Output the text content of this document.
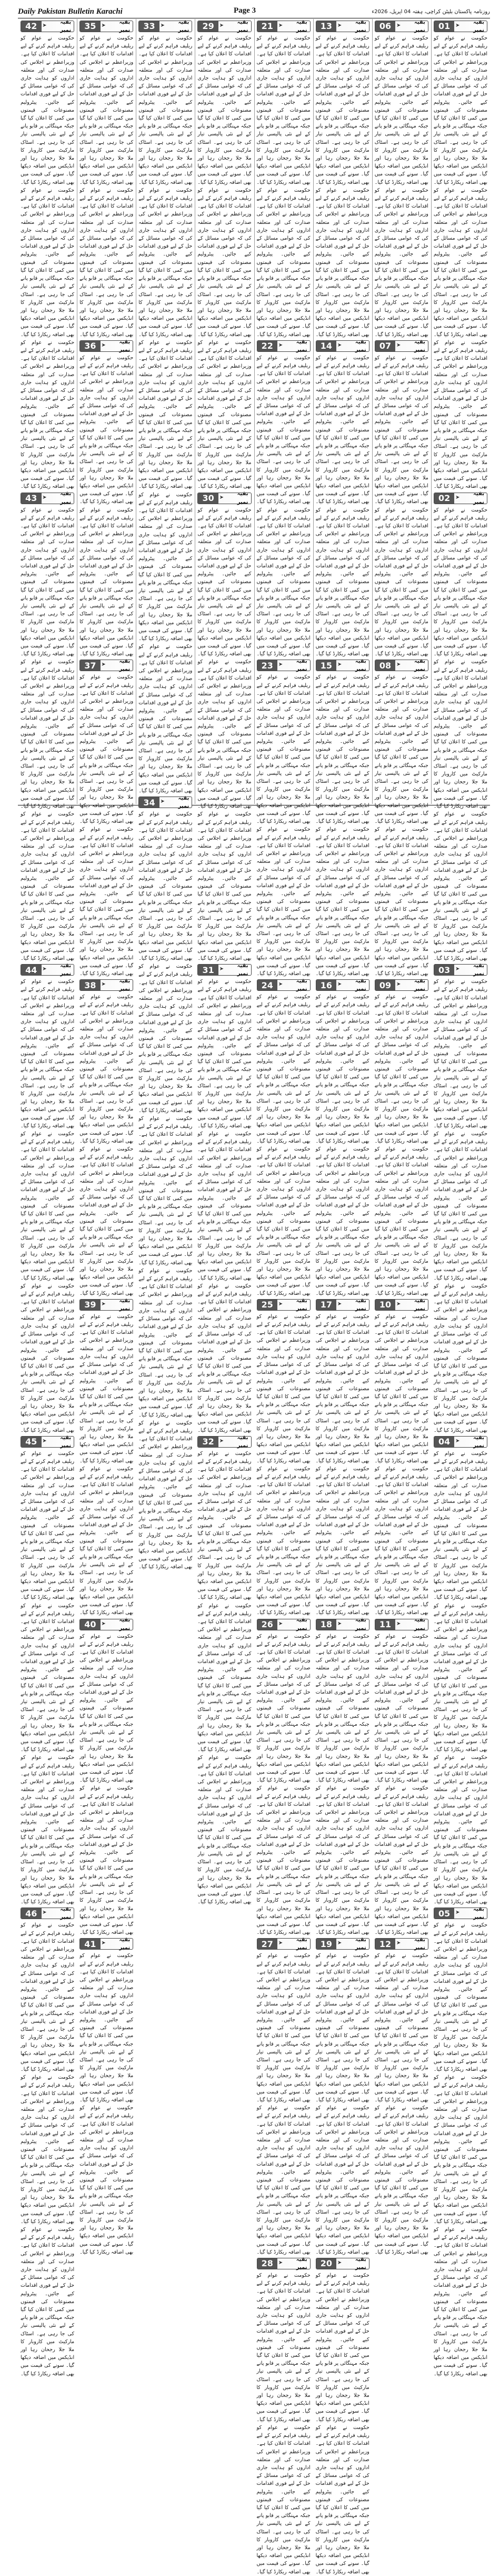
Daily Pakistan Bulletin Karachi	Page 3	روزنامہ پاکستان بلیٹن کراچی، ہفتہ 04 اپریل، 2026ء
01	بقیہ نمبر
حکومت نے عوام کو ریلیف فراہم کرنے کے لیے اقدامات کا اعلان کیا ہے۔ وزیراعظم نے اجلاس کی صدارت کی اور متعلقہ اداروں کو ہدایت جاری کی کہ عوامی مسائل کے حل کے لیے فوری اقدامات کیے جائیں۔ پیٹرولیم مصنوعات کی قیمتوں میں کمی کا اعلان کیا گیا جبکہ مہنگائی پر قابو پانے کے لیے نئی پالیسی تیار کی جا رہی ہے۔ اسٹاک مارکیٹ میں کاروبار کا ملا جلا رجحان رہا اور انڈیکس میں اضافہ دیکھا گیا۔ سونے کی قیمت میں بھی اضافہ ریکارڈ کیا گیا۔ حکومت نے عوام کو ریلیف فراہم کرنے کے لیے اقدامات کا اعلان کیا ہے۔ وزیراعظم نے اجلاس کی صدارت کی اور متعلقہ اداروں کو ہدایت جاری کی کہ عوامی مسائل کے حل کے لیے فوری اقدامات کیے جائیں۔ پیٹرولیم مصنوعات کی قیمتوں میں کمی کا اعلان کیا گیا جبکہ مہنگائی پر قابو پانے کے لیے نئی پالیسی تیار کی جا رہی ہے۔ اسٹاک مارکیٹ میں کاروبار کا ملا جلا رجحان رہا اور انڈیکس میں اضافہ دیکھا گیا۔ سونے کی قیمت میں بھی اضافہ ریکارڈ کیا گیا۔ حکومت نے عوام کو ریلیف فراہم کرنے کے لیے اقدامات کا اعلان کیا ہے۔ وزیراعظم نے اجلاس کی صدارت کی اور متعلقہ اداروں کو ہدایت جاری کی کہ عوامی مسائل کے حل کے لیے فوری اقدامات کیے جائیں۔ پیٹرولیم مصنوعات کی قیمتوں میں کمی کا اعلان کیا گیا جبکہ مہنگائی پر قابو پانے کے لیے نئی پالیسی تیار کی جا رہی ہے۔ اسٹاک مارکیٹ میں کاروبار کا ملا جلا رجحان رہا اور انڈیکس میں اضافہ دیکھا گیا۔ سونے کی قیمت میں بھی اضافہ ریکارڈ کیا گیا۔
02	بقیہ نمبر
حکومت نے عوام کو ریلیف فراہم کرنے کے لیے اقدامات کا اعلان کیا ہے۔ وزیراعظم نے اجلاس کی صدارت کی اور متعلقہ اداروں کو ہدایت جاری کی کہ عوامی مسائل کے حل کے لیے فوری اقدامات کیے جائیں۔ پیٹرولیم مصنوعات کی قیمتوں میں کمی کا اعلان کیا گیا جبکہ مہنگائی پر قابو پانے کے لیے نئی پالیسی تیار کی جا رہی ہے۔ اسٹاک مارکیٹ میں کاروبار کا ملا جلا رجحان رہا اور انڈیکس میں اضافہ دیکھا گیا۔ سونے کی قیمت میں بھی اضافہ ریکارڈ کیا گیا۔ حکومت نے عوام کو ریلیف فراہم کرنے کے لیے اقدامات کا اعلان کیا ہے۔ وزیراعظم نے اجلاس کی صدارت کی اور متعلقہ اداروں کو ہدایت جاری کی کہ عوامی مسائل کے حل کے لیے فوری اقدامات کیے جائیں۔ پیٹرولیم مصنوعات کی قیمتوں میں کمی کا اعلان کیا گیا جبکہ مہنگائی پر قابو پانے کے لیے نئی پالیسی تیار کی جا رہی ہے۔ اسٹاک مارکیٹ میں کاروبار کا ملا جلا رجحان رہا اور انڈیکس میں اضافہ دیکھا گیا۔ سونے کی قیمت میں بھی اضافہ ریکارڈ کیا گیا۔ حکومت نے عوام کو ریلیف فراہم کرنے کے لیے اقدامات کا اعلان کیا ہے۔ وزیراعظم نے اجلاس کی صدارت کی اور متعلقہ اداروں کو ہدایت جاری کی کہ عوامی مسائل کے حل کے لیے فوری اقدامات کیے جائیں۔ پیٹرولیم مصنوعات کی قیمتوں میں کمی کا اعلان کیا گیا جبکہ مہنگائی پر قابو پانے کے لیے نئی پالیسی تیار کی جا رہی ہے۔ اسٹاک مارکیٹ میں کاروبار کا ملا جلا رجحان رہا اور انڈیکس میں اضافہ دیکھا گیا۔ سونے کی قیمت میں بھی اضافہ ریکارڈ کیا گیا۔
03	بقیہ نمبر
حکومت نے عوام کو ریلیف فراہم کرنے کے لیے اقدامات کا اعلان کیا ہے۔ وزیراعظم نے اجلاس کی صدارت کی اور متعلقہ اداروں کو ہدایت جاری کی کہ عوامی مسائل کے حل کے لیے فوری اقدامات کیے جائیں۔ پیٹرولیم مصنوعات کی قیمتوں میں کمی کا اعلان کیا گیا جبکہ مہنگائی پر قابو پانے کے لیے نئی پالیسی تیار کی جا رہی ہے۔ اسٹاک مارکیٹ میں کاروبار کا ملا جلا رجحان رہا اور انڈیکس میں اضافہ دیکھا گیا۔ سونے کی قیمت میں بھی اضافہ ریکارڈ کیا گیا۔ حکومت نے عوام کو ریلیف فراہم کرنے کے لیے اقدامات کا اعلان کیا ہے۔ وزیراعظم نے اجلاس کی صدارت کی اور متعلقہ اداروں کو ہدایت جاری کی کہ عوامی مسائل کے حل کے لیے فوری اقدامات کیے جائیں۔ پیٹرولیم مصنوعات کی قیمتوں میں کمی کا اعلان کیا گیا جبکہ مہنگائی پر قابو پانے کے لیے نئی پالیسی تیار کی جا رہی ہے۔ اسٹاک مارکیٹ میں کاروبار کا ملا جلا رجحان رہا اور انڈیکس میں اضافہ دیکھا گیا۔ سونے کی قیمت میں بھی اضافہ ریکارڈ کیا گیا۔ حکومت نے عوام کو ریلیف فراہم کرنے کے لیے اقدامات کا اعلان کیا ہے۔ وزیراعظم نے اجلاس کی صدارت کی اور متعلقہ اداروں کو ہدایت جاری کی کہ عوامی مسائل کے حل کے لیے فوری اقدامات کیے جائیں۔ پیٹرولیم مصنوعات کی قیمتوں میں کمی کا اعلان کیا گیا جبکہ مہنگائی پر قابو پانے کے لیے نئی پالیسی تیار کی جا رہی ہے۔ اسٹاک مارکیٹ میں کاروبار کا ملا جلا رجحان رہا اور انڈیکس میں اضافہ دیکھا گیا۔ سونے کی قیمت میں بھی اضافہ ریکارڈ کیا گیا۔
04	بقیہ نمبر
حکومت نے عوام کو ریلیف فراہم کرنے کے لیے اقدامات کا اعلان کیا ہے۔ وزیراعظم نے اجلاس کی صدارت کی اور متعلقہ اداروں کو ہدایت جاری کی کہ عوامی مسائل کے حل کے لیے فوری اقدامات کیے جائیں۔ پیٹرولیم مصنوعات کی قیمتوں میں کمی کا اعلان کیا گیا جبکہ مہنگائی پر قابو پانے کے لیے نئی پالیسی تیار کی جا رہی ہے۔ اسٹاک مارکیٹ میں کاروبار کا ملا جلا رجحان رہا اور انڈیکس میں اضافہ دیکھا گیا۔ سونے کی قیمت میں بھی اضافہ ریکارڈ کیا گیا۔ حکومت نے عوام کو ریلیف فراہم کرنے کے لیے اقدامات کا اعلان کیا ہے۔ وزیراعظم نے اجلاس کی صدارت کی اور متعلقہ اداروں کو ہدایت جاری کی کہ عوامی مسائل کے حل کے لیے فوری اقدامات کیے جائیں۔ پیٹرولیم مصنوعات کی قیمتوں میں کمی کا اعلان کیا گیا جبکہ مہنگائی پر قابو پانے کے لیے نئی پالیسی تیار کی جا رہی ہے۔ اسٹاک مارکیٹ میں کاروبار کا ملا جلا رجحان رہا اور انڈیکس میں اضافہ دیکھا گیا۔ سونے کی قیمت میں بھی اضافہ ریکارڈ کیا گیا۔ حکومت نے عوام کو ریلیف فراہم کرنے کے لیے اقدامات کا اعلان کیا ہے۔ وزیراعظم نے اجلاس کی صدارت کی اور متعلقہ اداروں کو ہدایت جاری کی کہ عوامی مسائل کے حل کے لیے فوری اقدامات کیے جائیں۔ پیٹرولیم مصنوعات کی قیمتوں میں کمی کا اعلان کیا گیا جبکہ مہنگائی پر قابو پانے کے لیے نئی پالیسی تیار کی جا رہی ہے۔ اسٹاک مارکیٹ میں کاروبار کا ملا جلا رجحان رہا اور انڈیکس میں اضافہ دیکھا گیا۔ سونے کی قیمت میں بھی اضافہ ریکارڈ کیا گیا۔
05	بقیہ نمبر
حکومت نے عوام کو ریلیف فراہم کرنے کے لیے اقدامات کا اعلان کیا ہے۔ وزیراعظم نے اجلاس کی صدارت کی اور متعلقہ اداروں کو ہدایت جاری کی کہ عوامی مسائل کے حل کے لیے فوری اقدامات کیے جائیں۔ پیٹرولیم مصنوعات کی قیمتوں میں کمی کا اعلان کیا گیا جبکہ مہنگائی پر قابو پانے کے لیے نئی پالیسی تیار کی جا رہی ہے۔ اسٹاک مارکیٹ میں کاروبار کا ملا جلا رجحان رہا اور انڈیکس میں اضافہ دیکھا گیا۔ سونے کی قیمت میں بھی اضافہ ریکارڈ کیا گیا۔ حکومت نے عوام کو ریلیف فراہم کرنے کے لیے اقدامات کا اعلان کیا ہے۔ وزیراعظم نے اجلاس کی صدارت کی اور متعلقہ اداروں کو ہدایت جاری کی کہ عوامی مسائل کے حل کے لیے فوری اقدامات کیے جائیں۔ پیٹرولیم مصنوعات کی قیمتوں میں کمی کا اعلان کیا گیا جبکہ مہنگائی پر قابو پانے کے لیے نئی پالیسی تیار کی جا رہی ہے۔ اسٹاک مارکیٹ میں کاروبار کا ملا جلا رجحان رہا اور انڈیکس میں اضافہ دیکھا گیا۔ سونے کی قیمت میں بھی اضافہ ریکارڈ کیا گیا۔ حکومت نے عوام کو ریلیف فراہم کرنے کے لیے اقدامات کا اعلان کیا ہے۔ وزیراعظم نے اجلاس کی صدارت کی اور متعلقہ اداروں کو ہدایت جاری کی کہ عوامی مسائل کے حل کے لیے فوری اقدامات کیے جائیں۔ پیٹرولیم مصنوعات کی قیمتوں میں کمی کا اعلان کیا گیا جبکہ مہنگائی پر قابو پانے کے لیے نئی پالیسی تیار کی جا رہی ہے۔ اسٹاک مارکیٹ میں کاروبار کا ملا جلا رجحان رہا اور انڈیکس میں اضافہ دیکھا گیا۔ سونے کی قیمت میں بھی اضافہ ریکارڈ کیا گیا۔
06	بقیہ نمبر
حکومت نے عوام کو ریلیف فراہم کرنے کے لیے اقدامات کا اعلان کیا ہے۔ وزیراعظم نے اجلاس کی صدارت کی اور متعلقہ اداروں کو ہدایت جاری کی کہ عوامی مسائل کے حل کے لیے فوری اقدامات کیے جائیں۔ پیٹرولیم مصنوعات کی قیمتوں میں کمی کا اعلان کیا گیا جبکہ مہنگائی پر قابو پانے کے لیے نئی پالیسی تیار کی جا رہی ہے۔ اسٹاک مارکیٹ میں کاروبار کا ملا جلا رجحان رہا اور انڈیکس میں اضافہ دیکھا گیا۔ سونے کی قیمت میں بھی اضافہ ریکارڈ کیا گیا۔ حکومت نے عوام کو ریلیف فراہم کرنے کے لیے اقدامات کا اعلان کیا ہے۔ وزیراعظم نے اجلاس کی صدارت کی اور متعلقہ اداروں کو ہدایت جاری کی کہ عوامی مسائل کے حل کے لیے فوری اقدامات کیے جائیں۔ پیٹرولیم مصنوعات کی قیمتوں میں کمی کا اعلان کیا گیا جبکہ مہنگائی پر قابو پانے کے لیے نئی پالیسی تیار کی جا رہی ہے۔ اسٹاک مارکیٹ میں کاروبار کا ملا جلا رجحان رہا اور انڈیکس میں اضافہ دیکھا گیا۔ سونے کی قیمت میں بھی اضافہ ریکارڈ کیا گیا۔
07	بقیہ نمبر
حکومت نے عوام کو ریلیف فراہم کرنے کے لیے اقدامات کا اعلان کیا ہے۔ وزیراعظم نے اجلاس کی صدارت کی اور متعلقہ اداروں کو ہدایت جاری کی کہ عوامی مسائل کے حل کے لیے فوری اقدامات کیے جائیں۔ پیٹرولیم مصنوعات کی قیمتوں میں کمی کا اعلان کیا گیا جبکہ مہنگائی پر قابو پانے کے لیے نئی پالیسی تیار کی جا رہی ہے۔ اسٹاک مارکیٹ میں کاروبار کا ملا جلا رجحان رہا اور انڈیکس میں اضافہ دیکھا گیا۔ سونے کی قیمت میں بھی اضافہ ریکارڈ کیا گیا۔ حکومت نے عوام کو ریلیف فراہم کرنے کے لیے اقدامات کا اعلان کیا ہے۔ وزیراعظم نے اجلاس کی صدارت کی اور متعلقہ اداروں کو ہدایت جاری کی کہ عوامی مسائل کے حل کے لیے فوری اقدامات کیے جائیں۔ پیٹرولیم مصنوعات کی قیمتوں میں کمی کا اعلان کیا گیا جبکہ مہنگائی پر قابو پانے کے لیے نئی پالیسی تیار کی جا رہی ہے۔ اسٹاک مارکیٹ میں کاروبار کا ملا جلا رجحان رہا اور انڈیکس میں اضافہ دیکھا گیا۔ سونے کی قیمت میں بھی اضافہ ریکارڈ کیا گیا۔
08	بقیہ نمبر
حکومت نے عوام کو ریلیف فراہم کرنے کے لیے اقدامات کا اعلان کیا ہے۔ وزیراعظم نے اجلاس کی صدارت کی اور متعلقہ اداروں کو ہدایت جاری کی کہ عوامی مسائل کے حل کے لیے فوری اقدامات کیے جائیں۔ پیٹرولیم مصنوعات کی قیمتوں میں کمی کا اعلان کیا گیا جبکہ مہنگائی پر قابو پانے کے لیے نئی پالیسی تیار کی جا رہی ہے۔ اسٹاک مارکیٹ میں کاروبار کا ملا جلا رجحان رہا اور انڈیکس میں اضافہ دیکھا گیا۔ سونے کی قیمت میں بھی اضافہ ریکارڈ کیا گیا۔ حکومت نے عوام کو ریلیف فراہم کرنے کے لیے اقدامات کا اعلان کیا ہے۔ وزیراعظم نے اجلاس کی صدارت کی اور متعلقہ اداروں کو ہدایت جاری کی کہ عوامی مسائل کے حل کے لیے فوری اقدامات کیے جائیں۔ پیٹرولیم مصنوعات کی قیمتوں میں کمی کا اعلان کیا گیا جبکہ مہنگائی پر قابو پانے کے لیے نئی پالیسی تیار کی جا رہی ہے۔ اسٹاک مارکیٹ میں کاروبار کا ملا جلا رجحان رہا اور انڈیکس میں اضافہ دیکھا گیا۔ سونے کی قیمت میں بھی اضافہ ریکارڈ کیا گیا۔
09	بقیہ نمبر
حکومت نے عوام کو ریلیف فراہم کرنے کے لیے اقدامات کا اعلان کیا ہے۔ وزیراعظم نے اجلاس کی صدارت کی اور متعلقہ اداروں کو ہدایت جاری کی کہ عوامی مسائل کے حل کے لیے فوری اقدامات کیے جائیں۔ پیٹرولیم مصنوعات کی قیمتوں میں کمی کا اعلان کیا گیا جبکہ مہنگائی پر قابو پانے کے لیے نئی پالیسی تیار کی جا رہی ہے۔ اسٹاک مارکیٹ میں کاروبار کا ملا جلا رجحان رہا اور انڈیکس میں اضافہ دیکھا گیا۔ سونے کی قیمت میں بھی اضافہ ریکارڈ کیا گیا۔ حکومت نے عوام کو ریلیف فراہم کرنے کے لیے اقدامات کا اعلان کیا ہے۔ وزیراعظم نے اجلاس کی صدارت کی اور متعلقہ اداروں کو ہدایت جاری کی کہ عوامی مسائل کے حل کے لیے فوری اقدامات کیے جائیں۔ پیٹرولیم مصنوعات کی قیمتوں میں کمی کا اعلان کیا گیا جبکہ مہنگائی پر قابو پانے کے لیے نئی پالیسی تیار کی جا رہی ہے۔ اسٹاک مارکیٹ میں کاروبار کا ملا جلا رجحان رہا اور انڈیکس میں اضافہ دیکھا گیا۔ سونے کی قیمت میں بھی اضافہ ریکارڈ کیا گیا۔
10	بقیہ نمبر
حکومت نے عوام کو ریلیف فراہم کرنے کے لیے اقدامات کا اعلان کیا ہے۔ وزیراعظم نے اجلاس کی صدارت کی اور متعلقہ اداروں کو ہدایت جاری کی کہ عوامی مسائل کے حل کے لیے فوری اقدامات کیے جائیں۔ پیٹرولیم مصنوعات کی قیمتوں میں کمی کا اعلان کیا گیا جبکہ مہنگائی پر قابو پانے کے لیے نئی پالیسی تیار کی جا رہی ہے۔ اسٹاک مارکیٹ میں کاروبار کا ملا جلا رجحان رہا اور انڈیکس میں اضافہ دیکھا گیا۔ سونے کی قیمت میں بھی اضافہ ریکارڈ کیا گیا۔ حکومت نے عوام کو ریلیف فراہم کرنے کے لیے اقدامات کا اعلان کیا ہے۔ وزیراعظم نے اجلاس کی صدارت کی اور متعلقہ اداروں کو ہدایت جاری کی کہ عوامی مسائل کے حل کے لیے فوری اقدامات کیے جائیں۔ پیٹرولیم مصنوعات کی قیمتوں میں کمی کا اعلان کیا گیا جبکہ مہنگائی پر قابو پانے کے لیے نئی پالیسی تیار کی جا رہی ہے۔ اسٹاک مارکیٹ میں کاروبار کا ملا جلا رجحان رہا اور انڈیکس میں اضافہ دیکھا گیا۔ سونے کی قیمت میں بھی اضافہ ریکارڈ کیا گیا۔
11	بقیہ نمبر
حکومت نے عوام کو ریلیف فراہم کرنے کے لیے اقدامات کا اعلان کیا ہے۔ وزیراعظم نے اجلاس کی صدارت کی اور متعلقہ اداروں کو ہدایت جاری کی کہ عوامی مسائل کے حل کے لیے فوری اقدامات کیے جائیں۔ پیٹرولیم مصنوعات کی قیمتوں میں کمی کا اعلان کیا گیا جبکہ مہنگائی پر قابو پانے کے لیے نئی پالیسی تیار کی جا رہی ہے۔ اسٹاک مارکیٹ میں کاروبار کا ملا جلا رجحان رہا اور انڈیکس میں اضافہ دیکھا گیا۔ سونے کی قیمت میں بھی اضافہ ریکارڈ کیا گیا۔ حکومت نے عوام کو ریلیف فراہم کرنے کے لیے اقدامات کا اعلان کیا ہے۔ وزیراعظم نے اجلاس کی صدارت کی اور متعلقہ اداروں کو ہدایت جاری کی کہ عوامی مسائل کے حل کے لیے فوری اقدامات کیے جائیں۔ پیٹرولیم مصنوعات کی قیمتوں میں کمی کا اعلان کیا گیا جبکہ مہنگائی پر قابو پانے کے لیے نئی پالیسی تیار کی جا رہی ہے۔ اسٹاک مارکیٹ میں کاروبار کا ملا جلا رجحان رہا اور انڈیکس میں اضافہ دیکھا گیا۔ سونے کی قیمت میں بھی اضافہ ریکارڈ کیا گیا۔
12	بقیہ نمبر
حکومت نے عوام کو ریلیف فراہم کرنے کے لیے اقدامات کا اعلان کیا ہے۔ وزیراعظم نے اجلاس کی صدارت کی اور متعلقہ اداروں کو ہدایت جاری کی کہ عوامی مسائل کے حل کے لیے فوری اقدامات کیے جائیں۔ پیٹرولیم مصنوعات کی قیمتوں میں کمی کا اعلان کیا گیا جبکہ مہنگائی پر قابو پانے کے لیے نئی پالیسی تیار کی جا رہی ہے۔ اسٹاک مارکیٹ میں کاروبار کا ملا جلا رجحان رہا اور انڈیکس میں اضافہ دیکھا گیا۔ سونے کی قیمت میں بھی اضافہ ریکارڈ کیا گیا۔ حکومت نے عوام کو ریلیف فراہم کرنے کے لیے اقدامات کا اعلان کیا ہے۔ وزیراعظم نے اجلاس کی صدارت کی اور متعلقہ اداروں کو ہدایت جاری کی کہ عوامی مسائل کے حل کے لیے فوری اقدامات کیے جائیں۔ پیٹرولیم مصنوعات کی قیمتوں میں کمی کا اعلان کیا گیا جبکہ مہنگائی پر قابو پانے کے لیے نئی پالیسی تیار کی جا رہی ہے۔ اسٹاک مارکیٹ میں کاروبار کا ملا جلا رجحان رہا اور انڈیکس میں اضافہ دیکھا گیا۔ سونے کی قیمت میں بھی اضافہ ریکارڈ کیا گیا۔
13	بقیہ نمبر
حکومت نے عوام کو ریلیف فراہم کرنے کے لیے اقدامات کا اعلان کیا ہے۔ وزیراعظم نے اجلاس کی صدارت کی اور متعلقہ اداروں کو ہدایت جاری کی کہ عوامی مسائل کے حل کے لیے فوری اقدامات کیے جائیں۔ پیٹرولیم مصنوعات کی قیمتوں میں کمی کا اعلان کیا گیا جبکہ مہنگائی پر قابو پانے کے لیے نئی پالیسی تیار کی جا رہی ہے۔ اسٹاک مارکیٹ میں کاروبار کا ملا جلا رجحان رہا اور انڈیکس میں اضافہ دیکھا گیا۔ سونے کی قیمت میں بھی اضافہ ریکارڈ کیا گیا۔ حکومت نے عوام کو ریلیف فراہم کرنے کے لیے اقدامات کا اعلان کیا ہے۔ وزیراعظم نے اجلاس کی صدارت کی اور متعلقہ اداروں کو ہدایت جاری کی کہ عوامی مسائل کے حل کے لیے فوری اقدامات کیے جائیں۔ پیٹرولیم مصنوعات کی قیمتوں میں کمی کا اعلان کیا گیا جبکہ مہنگائی پر قابو پانے کے لیے نئی پالیسی تیار کی جا رہی ہے۔ اسٹاک مارکیٹ میں کاروبار کا ملا جلا رجحان رہا اور انڈیکس میں اضافہ دیکھا گیا۔ سونے کی قیمت میں بھی اضافہ ریکارڈ کیا گیا۔
14	بقیہ نمبر
حکومت نے عوام کو ریلیف فراہم کرنے کے لیے اقدامات کا اعلان کیا ہے۔ وزیراعظم نے اجلاس کی صدارت کی اور متعلقہ اداروں کو ہدایت جاری کی کہ عوامی مسائل کے حل کے لیے فوری اقدامات کیے جائیں۔ پیٹرولیم مصنوعات کی قیمتوں میں کمی کا اعلان کیا گیا جبکہ مہنگائی پر قابو پانے کے لیے نئی پالیسی تیار کی جا رہی ہے۔ اسٹاک مارکیٹ میں کاروبار کا ملا جلا رجحان رہا اور انڈیکس میں اضافہ دیکھا گیا۔ سونے کی قیمت میں بھی اضافہ ریکارڈ کیا گیا۔ حکومت نے عوام کو ریلیف فراہم کرنے کے لیے اقدامات کا اعلان کیا ہے۔ وزیراعظم نے اجلاس کی صدارت کی اور متعلقہ اداروں کو ہدایت جاری کی کہ عوامی مسائل کے حل کے لیے فوری اقدامات کیے جائیں۔ پیٹرولیم مصنوعات کی قیمتوں میں کمی کا اعلان کیا گیا جبکہ مہنگائی پر قابو پانے کے لیے نئی پالیسی تیار کی جا رہی ہے۔ اسٹاک مارکیٹ میں کاروبار کا ملا جلا رجحان رہا اور انڈیکس میں اضافہ دیکھا گیا۔ سونے کی قیمت میں بھی اضافہ ریکارڈ کیا گیا۔
15	بقیہ نمبر
حکومت نے عوام کو ریلیف فراہم کرنے کے لیے اقدامات کا اعلان کیا ہے۔ وزیراعظم نے اجلاس کی صدارت کی اور متعلقہ اداروں کو ہدایت جاری کی کہ عوامی مسائل کے حل کے لیے فوری اقدامات کیے جائیں۔ پیٹرولیم مصنوعات کی قیمتوں میں کمی کا اعلان کیا گیا جبکہ مہنگائی پر قابو پانے کے لیے نئی پالیسی تیار کی جا رہی ہے۔ اسٹاک مارکیٹ میں کاروبار کا ملا جلا رجحان رہا اور انڈیکس میں اضافہ دیکھا گیا۔ سونے کی قیمت میں بھی اضافہ ریکارڈ کیا گیا۔ حکومت نے عوام کو ریلیف فراہم کرنے کے لیے اقدامات کا اعلان کیا ہے۔ وزیراعظم نے اجلاس کی صدارت کی اور متعلقہ اداروں کو ہدایت جاری کی کہ عوامی مسائل کے حل کے لیے فوری اقدامات کیے جائیں۔ پیٹرولیم مصنوعات کی قیمتوں میں کمی کا اعلان کیا گیا جبکہ مہنگائی پر قابو پانے کے لیے نئی پالیسی تیار کی جا رہی ہے۔ اسٹاک مارکیٹ میں کاروبار کا ملا جلا رجحان رہا اور انڈیکس میں اضافہ دیکھا گیا۔ سونے کی قیمت میں بھی اضافہ ریکارڈ کیا گیا۔
16	بقیہ نمبر
حکومت نے عوام کو ریلیف فراہم کرنے کے لیے اقدامات کا اعلان کیا ہے۔ وزیراعظم نے اجلاس کی صدارت کی اور متعلقہ اداروں کو ہدایت جاری کی کہ عوامی مسائل کے حل کے لیے فوری اقدامات کیے جائیں۔ پیٹرولیم مصنوعات کی قیمتوں میں کمی کا اعلان کیا گیا جبکہ مہنگائی پر قابو پانے کے لیے نئی پالیسی تیار کی جا رہی ہے۔ اسٹاک مارکیٹ میں کاروبار کا ملا جلا رجحان رہا اور انڈیکس میں اضافہ دیکھا گیا۔ سونے کی قیمت میں بھی اضافہ ریکارڈ کیا گیا۔ حکومت نے عوام کو ریلیف فراہم کرنے کے لیے اقدامات کا اعلان کیا ہے۔ وزیراعظم نے اجلاس کی صدارت کی اور متعلقہ اداروں کو ہدایت جاری کی کہ عوامی مسائل کے حل کے لیے فوری اقدامات کیے جائیں۔ پیٹرولیم مصنوعات کی قیمتوں میں کمی کا اعلان کیا گیا جبکہ مہنگائی پر قابو پانے کے لیے نئی پالیسی تیار کی جا رہی ہے۔ اسٹاک مارکیٹ میں کاروبار کا ملا جلا رجحان رہا اور انڈیکس میں اضافہ دیکھا گیا۔ سونے کی قیمت میں بھی اضافہ ریکارڈ کیا گیا۔
17	بقیہ نمبر
حکومت نے عوام کو ریلیف فراہم کرنے کے لیے اقدامات کا اعلان کیا ہے۔ وزیراعظم نے اجلاس کی صدارت کی اور متعلقہ اداروں کو ہدایت جاری کی کہ عوامی مسائل کے حل کے لیے فوری اقدامات کیے جائیں۔ پیٹرولیم مصنوعات کی قیمتوں میں کمی کا اعلان کیا گیا جبکہ مہنگائی پر قابو پانے کے لیے نئی پالیسی تیار کی جا رہی ہے۔ اسٹاک مارکیٹ میں کاروبار کا ملا جلا رجحان رہا اور انڈیکس میں اضافہ دیکھا گیا۔ سونے کی قیمت میں بھی اضافہ ریکارڈ کیا گیا۔ حکومت نے عوام کو ریلیف فراہم کرنے کے لیے اقدامات کا اعلان کیا ہے۔ وزیراعظم نے اجلاس کی صدارت کی اور متعلقہ اداروں کو ہدایت جاری کی کہ عوامی مسائل کے حل کے لیے فوری اقدامات کیے جائیں۔ پیٹرولیم مصنوعات کی قیمتوں میں کمی کا اعلان کیا گیا جبکہ مہنگائی پر قابو پانے کے لیے نئی پالیسی تیار کی جا رہی ہے۔ اسٹاک مارکیٹ میں کاروبار کا ملا جلا رجحان رہا اور انڈیکس میں اضافہ دیکھا گیا۔ سونے کی قیمت میں بھی اضافہ ریکارڈ کیا گیا۔
18	بقیہ نمبر
حکومت نے عوام کو ریلیف فراہم کرنے کے لیے اقدامات کا اعلان کیا ہے۔ وزیراعظم نے اجلاس کی صدارت کی اور متعلقہ اداروں کو ہدایت جاری کی کہ عوامی مسائل کے حل کے لیے فوری اقدامات کیے جائیں۔ پیٹرولیم مصنوعات کی قیمتوں میں کمی کا اعلان کیا گیا جبکہ مہنگائی پر قابو پانے کے لیے نئی پالیسی تیار کی جا رہی ہے۔ اسٹاک مارکیٹ میں کاروبار کا ملا جلا رجحان رہا اور انڈیکس میں اضافہ دیکھا گیا۔ سونے کی قیمت میں بھی اضافہ ریکارڈ کیا گیا۔ حکومت نے عوام کو ریلیف فراہم کرنے کے لیے اقدامات کا اعلان کیا ہے۔ وزیراعظم نے اجلاس کی صدارت کی اور متعلقہ اداروں کو ہدایت جاری کی کہ عوامی مسائل کے حل کے لیے فوری اقدامات کیے جائیں۔ پیٹرولیم مصنوعات کی قیمتوں میں کمی کا اعلان کیا گیا جبکہ مہنگائی پر قابو پانے کے لیے نئی پالیسی تیار کی جا رہی ہے۔ اسٹاک مارکیٹ میں کاروبار کا ملا جلا رجحان رہا اور انڈیکس میں اضافہ دیکھا گیا۔ سونے کی قیمت میں بھی اضافہ ریکارڈ کیا گیا۔
19	بقیہ نمبر
حکومت نے عوام کو ریلیف فراہم کرنے کے لیے اقدامات کا اعلان کیا ہے۔ وزیراعظم نے اجلاس کی صدارت کی اور متعلقہ اداروں کو ہدایت جاری کی کہ عوامی مسائل کے حل کے لیے فوری اقدامات کیے جائیں۔ پیٹرولیم مصنوعات کی قیمتوں میں کمی کا اعلان کیا گیا جبکہ مہنگائی پر قابو پانے کے لیے نئی پالیسی تیار کی جا رہی ہے۔ اسٹاک مارکیٹ میں کاروبار کا ملا جلا رجحان رہا اور انڈیکس میں اضافہ دیکھا گیا۔ سونے کی قیمت میں بھی اضافہ ریکارڈ کیا گیا۔ حکومت نے عوام کو ریلیف فراہم کرنے کے لیے اقدامات کا اعلان کیا ہے۔ وزیراعظم نے اجلاس کی صدارت کی اور متعلقہ اداروں کو ہدایت جاری کی کہ عوامی مسائل کے حل کے لیے فوری اقدامات کیے جائیں۔ پیٹرولیم مصنوعات کی قیمتوں میں کمی کا اعلان کیا گیا جبکہ مہنگائی پر قابو پانے کے لیے نئی پالیسی تیار کی جا رہی ہے۔ اسٹاک مارکیٹ میں کاروبار کا ملا جلا رجحان رہا اور انڈیکس میں اضافہ دیکھا گیا۔ سونے کی قیمت میں بھی اضافہ ریکارڈ کیا گیا۔
20	بقیہ نمبر
حکومت نے عوام کو ریلیف فراہم کرنے کے لیے اقدامات کا اعلان کیا ہے۔ وزیراعظم نے اجلاس کی صدارت کی اور متعلقہ اداروں کو ہدایت جاری کی کہ عوامی مسائل کے حل کے لیے فوری اقدامات کیے جائیں۔ پیٹرولیم مصنوعات کی قیمتوں میں کمی کا اعلان کیا گیا جبکہ مہنگائی پر قابو پانے کے لیے نئی پالیسی تیار کی جا رہی ہے۔ اسٹاک مارکیٹ میں کاروبار کا ملا جلا رجحان رہا اور انڈیکس میں اضافہ دیکھا گیا۔ سونے کی قیمت میں بھی اضافہ ریکارڈ کیا گیا۔ حکومت نے عوام کو ریلیف فراہم کرنے کے لیے اقدامات کا اعلان کیا ہے۔ وزیراعظم نے اجلاس کی صدارت کی اور متعلقہ اداروں کو ہدایت جاری کی کہ عوامی مسائل کے حل کے لیے فوری اقدامات کیے جائیں۔ پیٹرولیم مصنوعات کی قیمتوں میں کمی کا اعلان کیا گیا جبکہ مہنگائی پر قابو پانے کے لیے نئی پالیسی تیار کی جا رہی ہے۔ اسٹاک مارکیٹ میں کاروبار کا ملا جلا رجحان رہا اور انڈیکس میں اضافہ دیکھا گیا۔ سونے کی قیمت میں بھی اضافہ ریکارڈ کیا گیا۔
21	بقیہ نمبر
حکومت نے عوام کو ریلیف فراہم کرنے کے لیے اقدامات کا اعلان کیا ہے۔ وزیراعظم نے اجلاس کی صدارت کی اور متعلقہ اداروں کو ہدایت جاری کی کہ عوامی مسائل کے حل کے لیے فوری اقدامات کیے جائیں۔ پیٹرولیم مصنوعات کی قیمتوں میں کمی کا اعلان کیا گیا جبکہ مہنگائی پر قابو پانے کے لیے نئی پالیسی تیار کی جا رہی ہے۔ اسٹاک مارکیٹ میں کاروبار کا ملا جلا رجحان رہا اور انڈیکس میں اضافہ دیکھا گیا۔ سونے کی قیمت میں بھی اضافہ ریکارڈ کیا گیا۔ حکومت نے عوام کو ریلیف فراہم کرنے کے لیے اقدامات کا اعلان کیا ہے۔ وزیراعظم نے اجلاس کی صدارت کی اور متعلقہ اداروں کو ہدایت جاری کی کہ عوامی مسائل کے حل کے لیے فوری اقدامات کیے جائیں۔ پیٹرولیم مصنوعات کی قیمتوں میں کمی کا اعلان کیا گیا جبکہ مہنگائی پر قابو پانے کے لیے نئی پالیسی تیار کی جا رہی ہے۔ اسٹاک مارکیٹ میں کاروبار کا ملا جلا رجحان رہا اور انڈیکس میں اضافہ دیکھا گیا۔ سونے کی قیمت میں بھی اضافہ ریکارڈ کیا گیا۔
22	بقیہ نمبر
حکومت نے عوام کو ریلیف فراہم کرنے کے لیے اقدامات کا اعلان کیا ہے۔ وزیراعظم نے اجلاس کی صدارت کی اور متعلقہ اداروں کو ہدایت جاری کی کہ عوامی مسائل کے حل کے لیے فوری اقدامات کیے جائیں۔ پیٹرولیم مصنوعات کی قیمتوں میں کمی کا اعلان کیا گیا جبکہ مہنگائی پر قابو پانے کے لیے نئی پالیسی تیار کی جا رہی ہے۔ اسٹاک مارکیٹ میں کاروبار کا ملا جلا رجحان رہا اور انڈیکس میں اضافہ دیکھا گیا۔ سونے کی قیمت میں بھی اضافہ ریکارڈ کیا گیا۔ حکومت نے عوام کو ریلیف فراہم کرنے کے لیے اقدامات کا اعلان کیا ہے۔ وزیراعظم نے اجلاس کی صدارت کی اور متعلقہ اداروں کو ہدایت جاری کی کہ عوامی مسائل کے حل کے لیے فوری اقدامات کیے جائیں۔ پیٹرولیم مصنوعات کی قیمتوں میں کمی کا اعلان کیا گیا جبکہ مہنگائی پر قابو پانے کے لیے نئی پالیسی تیار کی جا رہی ہے۔ اسٹاک مارکیٹ میں کاروبار کا ملا جلا رجحان رہا اور انڈیکس میں اضافہ دیکھا گیا۔ سونے کی قیمت میں بھی اضافہ ریکارڈ کیا گیا۔
23	بقیہ نمبر
حکومت نے عوام کو ریلیف فراہم کرنے کے لیے اقدامات کا اعلان کیا ہے۔ وزیراعظم نے اجلاس کی صدارت کی اور متعلقہ اداروں کو ہدایت جاری کی کہ عوامی مسائل کے حل کے لیے فوری اقدامات کیے جائیں۔ پیٹرولیم مصنوعات کی قیمتوں میں کمی کا اعلان کیا گیا جبکہ مہنگائی پر قابو پانے کے لیے نئی پالیسی تیار کی جا رہی ہے۔ اسٹاک مارکیٹ میں کاروبار کا ملا جلا رجحان رہا اور انڈیکس میں اضافہ دیکھا گیا۔ سونے کی قیمت میں بھی اضافہ ریکارڈ کیا گیا۔ حکومت نے عوام کو ریلیف فراہم کرنے کے لیے اقدامات کا اعلان کیا ہے۔ وزیراعظم نے اجلاس کی صدارت کی اور متعلقہ اداروں کو ہدایت جاری کی کہ عوامی مسائل کے حل کے لیے فوری اقدامات کیے جائیں۔ پیٹرولیم مصنوعات کی قیمتوں میں کمی کا اعلان کیا گیا جبکہ مہنگائی پر قابو پانے کے لیے نئی پالیسی تیار کی جا رہی ہے۔ اسٹاک مارکیٹ میں کاروبار کا ملا جلا رجحان رہا اور انڈیکس میں اضافہ دیکھا گیا۔ سونے کی قیمت میں بھی اضافہ ریکارڈ کیا گیا۔
24	بقیہ نمبر
حکومت نے عوام کو ریلیف فراہم کرنے کے لیے اقدامات کا اعلان کیا ہے۔ وزیراعظم نے اجلاس کی صدارت کی اور متعلقہ اداروں کو ہدایت جاری کی کہ عوامی مسائل کے حل کے لیے فوری اقدامات کیے جائیں۔ پیٹرولیم مصنوعات کی قیمتوں میں کمی کا اعلان کیا گیا جبکہ مہنگائی پر قابو پانے کے لیے نئی پالیسی تیار کی جا رہی ہے۔ اسٹاک مارکیٹ میں کاروبار کا ملا جلا رجحان رہا اور انڈیکس میں اضافہ دیکھا گیا۔ سونے کی قیمت میں بھی اضافہ ریکارڈ کیا گیا۔ حکومت نے عوام کو ریلیف فراہم کرنے کے لیے اقدامات کا اعلان کیا ہے۔ وزیراعظم نے اجلاس کی صدارت کی اور متعلقہ اداروں کو ہدایت جاری کی کہ عوامی مسائل کے حل کے لیے فوری اقدامات کیے جائیں۔ پیٹرولیم مصنوعات کی قیمتوں میں کمی کا اعلان کیا گیا جبکہ مہنگائی پر قابو پانے کے لیے نئی پالیسی تیار کی جا رہی ہے۔ اسٹاک مارکیٹ میں کاروبار کا ملا جلا رجحان رہا اور انڈیکس میں اضافہ دیکھا گیا۔ سونے کی قیمت میں بھی اضافہ ریکارڈ کیا گیا۔
25	بقیہ نمبر
حکومت نے عوام کو ریلیف فراہم کرنے کے لیے اقدامات کا اعلان کیا ہے۔ وزیراعظم نے اجلاس کی صدارت کی اور متعلقہ اداروں کو ہدایت جاری کی کہ عوامی مسائل کے حل کے لیے فوری اقدامات کیے جائیں۔ پیٹرولیم مصنوعات کی قیمتوں میں کمی کا اعلان کیا گیا جبکہ مہنگائی پر قابو پانے کے لیے نئی پالیسی تیار کی جا رہی ہے۔ اسٹاک مارکیٹ میں کاروبار کا ملا جلا رجحان رہا اور انڈیکس میں اضافہ دیکھا گیا۔ سونے کی قیمت میں بھی اضافہ ریکارڈ کیا گیا۔ حکومت نے عوام کو ریلیف فراہم کرنے کے لیے اقدامات کا اعلان کیا ہے۔ وزیراعظم نے اجلاس کی صدارت کی اور متعلقہ اداروں کو ہدایت جاری کی کہ عوامی مسائل کے حل کے لیے فوری اقدامات کیے جائیں۔ پیٹرولیم مصنوعات کی قیمتوں میں کمی کا اعلان کیا گیا جبکہ مہنگائی پر قابو پانے کے لیے نئی پالیسی تیار کی جا رہی ہے۔ اسٹاک مارکیٹ میں کاروبار کا ملا جلا رجحان رہا اور انڈیکس میں اضافہ دیکھا گیا۔ سونے کی قیمت میں بھی اضافہ ریکارڈ کیا گیا۔
26	بقیہ نمبر
حکومت نے عوام کو ریلیف فراہم کرنے کے لیے اقدامات کا اعلان کیا ہے۔ وزیراعظم نے اجلاس کی صدارت کی اور متعلقہ اداروں کو ہدایت جاری کی کہ عوامی مسائل کے حل کے لیے فوری اقدامات کیے جائیں۔ پیٹرولیم مصنوعات کی قیمتوں میں کمی کا اعلان کیا گیا جبکہ مہنگائی پر قابو پانے کے لیے نئی پالیسی تیار کی جا رہی ہے۔ اسٹاک مارکیٹ میں کاروبار کا ملا جلا رجحان رہا اور انڈیکس میں اضافہ دیکھا گیا۔ سونے کی قیمت میں بھی اضافہ ریکارڈ کیا گیا۔ حکومت نے عوام کو ریلیف فراہم کرنے کے لیے اقدامات کا اعلان کیا ہے۔ وزیراعظم نے اجلاس کی صدارت کی اور متعلقہ اداروں کو ہدایت جاری کی کہ عوامی مسائل کے حل کے لیے فوری اقدامات کیے جائیں۔ پیٹرولیم مصنوعات کی قیمتوں میں کمی کا اعلان کیا گیا جبکہ مہنگائی پر قابو پانے کے لیے نئی پالیسی تیار کی جا رہی ہے۔ اسٹاک مارکیٹ میں کاروبار کا ملا جلا رجحان رہا اور انڈیکس میں اضافہ دیکھا گیا۔ سونے کی قیمت میں بھی اضافہ ریکارڈ کیا گیا۔
27	بقیہ نمبر
حکومت نے عوام کو ریلیف فراہم کرنے کے لیے اقدامات کا اعلان کیا ہے۔ وزیراعظم نے اجلاس کی صدارت کی اور متعلقہ اداروں کو ہدایت جاری کی کہ عوامی مسائل کے حل کے لیے فوری اقدامات کیے جائیں۔ پیٹرولیم مصنوعات کی قیمتوں میں کمی کا اعلان کیا گیا جبکہ مہنگائی پر قابو پانے کے لیے نئی پالیسی تیار کی جا رہی ہے۔ اسٹاک مارکیٹ میں کاروبار کا ملا جلا رجحان رہا اور انڈیکس میں اضافہ دیکھا گیا۔ سونے کی قیمت میں بھی اضافہ ریکارڈ کیا گیا۔ حکومت نے عوام کو ریلیف فراہم کرنے کے لیے اقدامات کا اعلان کیا ہے۔ وزیراعظم نے اجلاس کی صدارت کی اور متعلقہ اداروں کو ہدایت جاری کی کہ عوامی مسائل کے حل کے لیے فوری اقدامات کیے جائیں۔ پیٹرولیم مصنوعات کی قیمتوں میں کمی کا اعلان کیا گیا جبکہ مہنگائی پر قابو پانے کے لیے نئی پالیسی تیار کی جا رہی ہے۔ اسٹاک مارکیٹ میں کاروبار کا ملا جلا رجحان رہا اور انڈیکس میں اضافہ دیکھا گیا۔ سونے کی قیمت میں بھی اضافہ ریکارڈ کیا گیا۔
28	بقیہ نمبر
حکومت نے عوام کو ریلیف فراہم کرنے کے لیے اقدامات کا اعلان کیا ہے۔ وزیراعظم نے اجلاس کی صدارت کی اور متعلقہ اداروں کو ہدایت جاری کی کہ عوامی مسائل کے حل کے لیے فوری اقدامات کیے جائیں۔ پیٹرولیم مصنوعات کی قیمتوں میں کمی کا اعلان کیا گیا جبکہ مہنگائی پر قابو پانے کے لیے نئی پالیسی تیار کی جا رہی ہے۔ اسٹاک مارکیٹ میں کاروبار کا ملا جلا رجحان رہا اور انڈیکس میں اضافہ دیکھا گیا۔ سونے کی قیمت میں بھی اضافہ ریکارڈ کیا گیا۔ حکومت نے عوام کو ریلیف فراہم کرنے کے لیے اقدامات کا اعلان کیا ہے۔ وزیراعظم نے اجلاس کی صدارت کی اور متعلقہ اداروں کو ہدایت جاری کی کہ عوامی مسائل کے حل کے لیے فوری اقدامات کیے جائیں۔ پیٹرولیم مصنوعات کی قیمتوں میں کمی کا اعلان کیا گیا جبکہ مہنگائی پر قابو پانے کے لیے نئی پالیسی تیار کی جا رہی ہے۔ اسٹاک مارکیٹ میں کاروبار کا ملا جلا رجحان رہا اور انڈیکس میں اضافہ دیکھا گیا۔ سونے کی قیمت میں بھی اضافہ ریکارڈ کیا گیا۔
29	بقیہ نمبر
حکومت نے عوام کو ریلیف فراہم کرنے کے لیے اقدامات کا اعلان کیا ہے۔ وزیراعظم نے اجلاس کی صدارت کی اور متعلقہ اداروں کو ہدایت جاری کی کہ عوامی مسائل کے حل کے لیے فوری اقدامات کیے جائیں۔ پیٹرولیم مصنوعات کی قیمتوں میں کمی کا اعلان کیا گیا جبکہ مہنگائی پر قابو پانے کے لیے نئی پالیسی تیار کی جا رہی ہے۔ اسٹاک مارکیٹ میں کاروبار کا ملا جلا رجحان رہا اور انڈیکس میں اضافہ دیکھا گیا۔ سونے کی قیمت میں بھی اضافہ ریکارڈ کیا گیا۔ حکومت نے عوام کو ریلیف فراہم کرنے کے لیے اقدامات کا اعلان کیا ہے۔ وزیراعظم نے اجلاس کی صدارت کی اور متعلقہ اداروں کو ہدایت جاری کی کہ عوامی مسائل کے حل کے لیے فوری اقدامات کیے جائیں۔ پیٹرولیم مصنوعات کی قیمتوں میں کمی کا اعلان کیا گیا جبکہ مہنگائی پر قابو پانے کے لیے نئی پالیسی تیار کی جا رہی ہے۔ اسٹاک مارکیٹ میں کاروبار کا ملا جلا رجحان رہا اور انڈیکس میں اضافہ دیکھا گیا۔ سونے کی قیمت میں بھی اضافہ ریکارڈ کیا گیا۔ حکومت نے عوام کو ریلیف فراہم کرنے کے لیے اقدامات کا اعلان کیا ہے۔ وزیراعظم نے اجلاس کی صدارت کی اور متعلقہ اداروں کو ہدایت جاری کی کہ عوامی مسائل کے حل کے لیے فوری اقدامات کیے جائیں۔ پیٹرولیم مصنوعات کی قیمتوں میں کمی کا اعلان کیا گیا جبکہ مہنگائی پر قابو پانے کے لیے نئی پالیسی تیار کی جا رہی ہے۔ اسٹاک مارکیٹ میں کاروبار کا ملا جلا رجحان رہا اور انڈیکس میں اضافہ دیکھا گیا۔ سونے کی قیمت میں بھی اضافہ ریکارڈ کیا گیا۔
30	بقیہ نمبر
حکومت نے عوام کو ریلیف فراہم کرنے کے لیے اقدامات کا اعلان کیا ہے۔ وزیراعظم نے اجلاس کی صدارت کی اور متعلقہ اداروں کو ہدایت جاری کی کہ عوامی مسائل کے حل کے لیے فوری اقدامات کیے جائیں۔ پیٹرولیم مصنوعات کی قیمتوں میں کمی کا اعلان کیا گیا جبکہ مہنگائی پر قابو پانے کے لیے نئی پالیسی تیار کی جا رہی ہے۔ اسٹاک مارکیٹ میں کاروبار کا ملا جلا رجحان رہا اور انڈیکس میں اضافہ دیکھا گیا۔ سونے کی قیمت میں بھی اضافہ ریکارڈ کیا گیا۔ حکومت نے عوام کو ریلیف فراہم کرنے کے لیے اقدامات کا اعلان کیا ہے۔ وزیراعظم نے اجلاس کی صدارت کی اور متعلقہ اداروں کو ہدایت جاری کی کہ عوامی مسائل کے حل کے لیے فوری اقدامات کیے جائیں۔ پیٹرولیم مصنوعات کی قیمتوں میں کمی کا اعلان کیا گیا جبکہ مہنگائی پر قابو پانے کے لیے نئی پالیسی تیار کی جا رہی ہے۔ اسٹاک مارکیٹ میں کاروبار کا ملا جلا رجحان رہا اور انڈیکس میں اضافہ دیکھا گیا۔ سونے کی قیمت میں بھی اضافہ ریکارڈ کیا گیا۔ حکومت نے عوام کو ریلیف فراہم کرنے کے لیے اقدامات کا اعلان کیا ہے۔ وزیراعظم نے اجلاس کی صدارت کی اور متعلقہ اداروں کو ہدایت جاری کی کہ عوامی مسائل کے حل کے لیے فوری اقدامات کیے جائیں۔ پیٹرولیم مصنوعات کی قیمتوں میں کمی کا اعلان کیا گیا جبکہ مہنگائی پر قابو پانے کے لیے نئی پالیسی تیار کی جا رہی ہے۔ اسٹاک مارکیٹ میں کاروبار کا ملا جلا رجحان رہا اور انڈیکس میں اضافہ دیکھا گیا۔ سونے کی قیمت میں بھی اضافہ ریکارڈ کیا گیا۔
31	بقیہ نمبر
حکومت نے عوام کو ریلیف فراہم کرنے کے لیے اقدامات کا اعلان کیا ہے۔ وزیراعظم نے اجلاس کی صدارت کی اور متعلقہ اداروں کو ہدایت جاری کی کہ عوامی مسائل کے حل کے لیے فوری اقدامات کیے جائیں۔ پیٹرولیم مصنوعات کی قیمتوں میں کمی کا اعلان کیا گیا جبکہ مہنگائی پر قابو پانے کے لیے نئی پالیسی تیار کی جا رہی ہے۔ اسٹاک مارکیٹ میں کاروبار کا ملا جلا رجحان رہا اور انڈیکس میں اضافہ دیکھا گیا۔ سونے کی قیمت میں بھی اضافہ ریکارڈ کیا گیا۔ حکومت نے عوام کو ریلیف فراہم کرنے کے لیے اقدامات کا اعلان کیا ہے۔ وزیراعظم نے اجلاس کی صدارت کی اور متعلقہ اداروں کو ہدایت جاری کی کہ عوامی مسائل کے حل کے لیے فوری اقدامات کیے جائیں۔ پیٹرولیم مصنوعات کی قیمتوں میں کمی کا اعلان کیا گیا جبکہ مہنگائی پر قابو پانے کے لیے نئی پالیسی تیار کی جا رہی ہے۔ اسٹاک مارکیٹ میں کاروبار کا ملا جلا رجحان رہا اور انڈیکس میں اضافہ دیکھا گیا۔ سونے کی قیمت میں بھی اضافہ ریکارڈ کیا گیا۔ حکومت نے عوام کو ریلیف فراہم کرنے کے لیے اقدامات کا اعلان کیا ہے۔ وزیراعظم نے اجلاس کی صدارت کی اور متعلقہ اداروں کو ہدایت جاری کی کہ عوامی مسائل کے حل کے لیے فوری اقدامات کیے جائیں۔ پیٹرولیم مصنوعات کی قیمتوں میں کمی کا اعلان کیا گیا جبکہ مہنگائی پر قابو پانے کے لیے نئی پالیسی تیار کی جا رہی ہے۔ اسٹاک مارکیٹ میں کاروبار کا ملا جلا رجحان رہا اور انڈیکس میں اضافہ دیکھا گیا۔ سونے کی قیمت میں بھی اضافہ ریکارڈ کیا گیا۔
32	بقیہ نمبر
حکومت نے عوام کو ریلیف فراہم کرنے کے لیے اقدامات کا اعلان کیا ہے۔ وزیراعظم نے اجلاس کی صدارت کی اور متعلقہ اداروں کو ہدایت جاری کی کہ عوامی مسائل کے حل کے لیے فوری اقدامات کیے جائیں۔ پیٹرولیم مصنوعات کی قیمتوں میں کمی کا اعلان کیا گیا جبکہ مہنگائی پر قابو پانے کے لیے نئی پالیسی تیار کی جا رہی ہے۔ اسٹاک مارکیٹ میں کاروبار کا ملا جلا رجحان رہا اور انڈیکس میں اضافہ دیکھا گیا۔ سونے کی قیمت میں بھی اضافہ ریکارڈ کیا گیا۔ حکومت نے عوام کو ریلیف فراہم کرنے کے لیے اقدامات کا اعلان کیا ہے۔ وزیراعظم نے اجلاس کی صدارت کی اور متعلقہ اداروں کو ہدایت جاری کی کہ عوامی مسائل کے حل کے لیے فوری اقدامات کیے جائیں۔ پیٹرولیم مصنوعات کی قیمتوں میں کمی کا اعلان کیا گیا جبکہ مہنگائی پر قابو پانے کے لیے نئی پالیسی تیار کی جا رہی ہے۔ اسٹاک مارکیٹ میں کاروبار کا ملا جلا رجحان رہا اور انڈیکس میں اضافہ دیکھا گیا۔ سونے کی قیمت میں بھی اضافہ ریکارڈ کیا گیا۔ حکومت نے عوام کو ریلیف فراہم کرنے کے لیے اقدامات کا اعلان کیا ہے۔ وزیراعظم نے اجلاس کی صدارت کی اور متعلقہ اداروں کو ہدایت جاری کی کہ عوامی مسائل کے حل کے لیے فوری اقدامات کیے جائیں۔ پیٹرولیم مصنوعات کی قیمتوں میں کمی کا اعلان کیا گیا جبکہ مہنگائی پر قابو پانے کے لیے نئی پالیسی تیار کی جا رہی ہے۔ اسٹاک مارکیٹ میں کاروبار کا ملا جلا رجحان رہا اور انڈیکس میں اضافہ دیکھا گیا۔ سونے کی قیمت میں بھی اضافہ ریکارڈ کیا گیا۔
33	بقیہ نمبر
حکومت نے عوام کو ریلیف فراہم کرنے کے لیے اقدامات کا اعلان کیا ہے۔ وزیراعظم نے اجلاس کی صدارت کی اور متعلقہ اداروں کو ہدایت جاری کی کہ عوامی مسائل کے حل کے لیے فوری اقدامات کیے جائیں۔ پیٹرولیم مصنوعات کی قیمتوں میں کمی کا اعلان کیا گیا جبکہ مہنگائی پر قابو پانے کے لیے نئی پالیسی تیار کی جا رہی ہے۔ اسٹاک مارکیٹ میں کاروبار کا ملا جلا رجحان رہا اور انڈیکس میں اضافہ دیکھا گیا۔ سونے کی قیمت میں بھی اضافہ ریکارڈ کیا گیا۔ حکومت نے عوام کو ریلیف فراہم کرنے کے لیے اقدامات کا اعلان کیا ہے۔ وزیراعظم نے اجلاس کی صدارت کی اور متعلقہ اداروں کو ہدایت جاری کی کہ عوامی مسائل کے حل کے لیے فوری اقدامات کیے جائیں۔ پیٹرولیم مصنوعات کی قیمتوں میں کمی کا اعلان کیا گیا جبکہ مہنگائی پر قابو پانے کے لیے نئی پالیسی تیار کی جا رہی ہے۔ اسٹاک مارکیٹ میں کاروبار کا ملا جلا رجحان رہا اور انڈیکس میں اضافہ دیکھا گیا۔ سونے کی قیمت میں بھی اضافہ ریکارڈ کیا گیا۔ حکومت نے عوام کو ریلیف فراہم کرنے کے لیے اقدامات کا اعلان کیا ہے۔ وزیراعظم نے اجلاس کی صدارت کی اور متعلقہ اداروں کو ہدایت جاری کی کہ عوامی مسائل کے حل کے لیے فوری اقدامات کیے جائیں۔ پیٹرولیم مصنوعات کی قیمتوں میں کمی کا اعلان کیا گیا جبکہ مہنگائی پر قابو پانے کے لیے نئی پالیسی تیار کی جا رہی ہے۔ اسٹاک مارکیٹ میں کاروبار کا ملا جلا رجحان رہا اور انڈیکس میں اضافہ دیکھا گیا۔ سونے کی قیمت میں بھی اضافہ ریکارڈ کیا گیا۔ حکومت نے عوام کو ریلیف فراہم کرنے کے لیے اقدامات کا اعلان کیا ہے۔ وزیراعظم نے اجلاس کی صدارت کی اور متعلقہ اداروں کو ہدایت جاری کی کہ عوامی مسائل کے حل کے لیے فوری اقدامات کیے جائیں۔ پیٹرولیم مصنوعات کی قیمتوں میں کمی کا اعلان کیا گیا جبکہ مہنگائی پر قابو پانے کے لیے نئی پالیسی تیار کی جا رہی ہے۔ اسٹاک مارکیٹ میں کاروبار کا ملا جلا رجحان رہا اور انڈیکس میں اضافہ دیکھا گیا۔ سونے کی قیمت میں بھی اضافہ ریکارڈ کیا گیا۔ حکومت نے عوام کو ریلیف فراہم کرنے کے لیے اقدامات کا اعلان کیا ہے۔ وزیراعظم نے اجلاس کی صدارت کی اور متعلقہ اداروں کو ہدایت جاری کی کہ عوامی مسائل کے حل کے لیے فوری اقدامات کیے جائیں۔ پیٹرولیم مصنوعات کی قیمتوں میں کمی کا اعلان کیا گیا جبکہ مہنگائی پر قابو پانے کے لیے نئی پالیسی تیار کی جا رہی ہے۔ اسٹاک مارکیٹ میں کاروبار کا ملا جلا رجحان رہا اور انڈیکس میں اضافہ دیکھا گیا۔ سونے کی قیمت میں بھی اضافہ ریکارڈ کیا گیا۔
34	بقیہ نمبر
حکومت نے عوام کو ریلیف فراہم کرنے کے لیے اقدامات کا اعلان کیا ہے۔ وزیراعظم نے اجلاس کی صدارت کی اور متعلقہ اداروں کو ہدایت جاری کی کہ عوامی مسائل کے حل کے لیے فوری اقدامات کیے جائیں۔ پیٹرولیم مصنوعات کی قیمتوں میں کمی کا اعلان کیا گیا جبکہ مہنگائی پر قابو پانے کے لیے نئی پالیسی تیار کی جا رہی ہے۔ اسٹاک مارکیٹ میں کاروبار کا ملا جلا رجحان رہا اور انڈیکس میں اضافہ دیکھا گیا۔ سونے کی قیمت میں بھی اضافہ ریکارڈ کیا گیا۔ حکومت نے عوام کو ریلیف فراہم کرنے کے لیے اقدامات کا اعلان کیا ہے۔ وزیراعظم نے اجلاس کی صدارت کی اور متعلقہ اداروں کو ہدایت جاری کی کہ عوامی مسائل کے حل کے لیے فوری اقدامات کیے جائیں۔ پیٹرولیم مصنوعات کی قیمتوں میں کمی کا اعلان کیا گیا جبکہ مہنگائی پر قابو پانے کے لیے نئی پالیسی تیار کی جا رہی ہے۔ اسٹاک مارکیٹ میں کاروبار کا ملا جلا رجحان رہا اور انڈیکس میں اضافہ دیکھا گیا۔ سونے کی قیمت میں بھی اضافہ ریکارڈ کیا گیا۔ حکومت نے عوام کو ریلیف فراہم کرنے کے لیے اقدامات کا اعلان کیا ہے۔ وزیراعظم نے اجلاس کی صدارت کی اور متعلقہ اداروں کو ہدایت جاری کی کہ عوامی مسائل کے حل کے لیے فوری اقدامات کیے جائیں۔ پیٹرولیم مصنوعات کی قیمتوں میں کمی کا اعلان کیا گیا جبکہ مہنگائی پر قابو پانے کے لیے نئی پالیسی تیار کی جا رہی ہے۔ اسٹاک مارکیٹ میں کاروبار کا ملا جلا رجحان رہا اور انڈیکس میں اضافہ دیکھا گیا۔ سونے کی قیمت میں بھی اضافہ ریکارڈ کیا گیا۔ حکومت نے عوام کو ریلیف فراہم کرنے کے لیے اقدامات کا اعلان کیا ہے۔ وزیراعظم نے اجلاس کی صدارت کی اور متعلقہ اداروں کو ہدایت جاری کی کہ عوامی مسائل کے حل کے لیے فوری اقدامات کیے جائیں۔ پیٹرولیم مصنوعات کی قیمتوں میں کمی کا اعلان کیا گیا جبکہ مہنگائی پر قابو پانے کے لیے نئی پالیسی تیار کی جا رہی ہے۔ اسٹاک مارکیٹ میں کاروبار کا ملا جلا رجحان رہا اور انڈیکس میں اضافہ دیکھا گیا۔ سونے کی قیمت میں بھی اضافہ ریکارڈ کیا گیا۔ حکومت نے عوام کو ریلیف فراہم کرنے کے لیے اقدامات کا اعلان کیا ہے۔ وزیراعظم نے اجلاس کی صدارت کی اور متعلقہ اداروں کو ہدایت جاری کی کہ عوامی مسائل کے حل کے لیے فوری اقدامات کیے جائیں۔ پیٹرولیم مصنوعات کی قیمتوں میں کمی کا اعلان کیا گیا جبکہ مہنگائی پر قابو پانے کے لیے نئی پالیسی تیار کی جا رہی ہے۔ اسٹاک مارکیٹ میں کاروبار کا ملا جلا رجحان رہا اور انڈیکس میں اضافہ دیکھا گیا۔ سونے کی قیمت میں بھی اضافہ ریکارڈ کیا گیا۔
35	بقیہ نمبر
حکومت نے عوام کو ریلیف فراہم کرنے کے لیے اقدامات کا اعلان کیا ہے۔ وزیراعظم نے اجلاس کی صدارت کی اور متعلقہ اداروں کو ہدایت جاری کی کہ عوامی مسائل کے حل کے لیے فوری اقدامات کیے جائیں۔ پیٹرولیم مصنوعات کی قیمتوں میں کمی کا اعلان کیا گیا جبکہ مہنگائی پر قابو پانے کے لیے نئی پالیسی تیار کی جا رہی ہے۔ اسٹاک مارکیٹ میں کاروبار کا ملا جلا رجحان رہا اور انڈیکس میں اضافہ دیکھا گیا۔ سونے کی قیمت میں بھی اضافہ ریکارڈ کیا گیا۔ حکومت نے عوام کو ریلیف فراہم کرنے کے لیے اقدامات کا اعلان کیا ہے۔ وزیراعظم نے اجلاس کی صدارت کی اور متعلقہ اداروں کو ہدایت جاری کی کہ عوامی مسائل کے حل کے لیے فوری اقدامات کیے جائیں۔ پیٹرولیم مصنوعات کی قیمتوں میں کمی کا اعلان کیا گیا جبکہ مہنگائی پر قابو پانے کے لیے نئی پالیسی تیار کی جا رہی ہے۔ اسٹاک مارکیٹ میں کاروبار کا ملا جلا رجحان رہا اور انڈیکس میں اضافہ دیکھا گیا۔ سونے کی قیمت میں بھی اضافہ ریکارڈ کیا گیا۔
36	بقیہ نمبر
حکومت نے عوام کو ریلیف فراہم کرنے کے لیے اقدامات کا اعلان کیا ہے۔ وزیراعظم نے اجلاس کی صدارت کی اور متعلقہ اداروں کو ہدایت جاری کی کہ عوامی مسائل کے حل کے لیے فوری اقدامات کیے جائیں۔ پیٹرولیم مصنوعات کی قیمتوں میں کمی کا اعلان کیا گیا جبکہ مہنگائی پر قابو پانے کے لیے نئی پالیسی تیار کی جا رہی ہے۔ اسٹاک مارکیٹ میں کاروبار کا ملا جلا رجحان رہا اور انڈیکس میں اضافہ دیکھا گیا۔ سونے کی قیمت میں بھی اضافہ ریکارڈ کیا گیا۔ حکومت نے عوام کو ریلیف فراہم کرنے کے لیے اقدامات کا اعلان کیا ہے۔ وزیراعظم نے اجلاس کی صدارت کی اور متعلقہ اداروں کو ہدایت جاری کی کہ عوامی مسائل کے حل کے لیے فوری اقدامات کیے جائیں۔ پیٹرولیم مصنوعات کی قیمتوں میں کمی کا اعلان کیا گیا جبکہ مہنگائی پر قابو پانے کے لیے نئی پالیسی تیار کی جا رہی ہے۔ اسٹاک مارکیٹ میں کاروبار کا ملا جلا رجحان رہا اور انڈیکس میں اضافہ دیکھا گیا۔ سونے کی قیمت میں بھی اضافہ ریکارڈ کیا گیا۔
37	بقیہ نمبر
حکومت نے عوام کو ریلیف فراہم کرنے کے لیے اقدامات کا اعلان کیا ہے۔ وزیراعظم نے اجلاس کی صدارت کی اور متعلقہ اداروں کو ہدایت جاری کی کہ عوامی مسائل کے حل کے لیے فوری اقدامات کیے جائیں۔ پیٹرولیم مصنوعات کی قیمتوں میں کمی کا اعلان کیا گیا جبکہ مہنگائی پر قابو پانے کے لیے نئی پالیسی تیار کی جا رہی ہے۔ اسٹاک مارکیٹ میں کاروبار کا ملا جلا رجحان رہا اور انڈیکس میں اضافہ دیکھا گیا۔ سونے کی قیمت میں بھی اضافہ ریکارڈ کیا گیا۔ حکومت نے عوام کو ریلیف فراہم کرنے کے لیے اقدامات کا اعلان کیا ہے۔ وزیراعظم نے اجلاس کی صدارت کی اور متعلقہ اداروں کو ہدایت جاری کی کہ عوامی مسائل کے حل کے لیے فوری اقدامات کیے جائیں۔ پیٹرولیم مصنوعات کی قیمتوں میں کمی کا اعلان کیا گیا جبکہ مہنگائی پر قابو پانے کے لیے نئی پالیسی تیار کی جا رہی ہے۔ اسٹاک مارکیٹ میں کاروبار کا ملا جلا رجحان رہا اور انڈیکس میں اضافہ دیکھا گیا۔ سونے کی قیمت میں بھی اضافہ ریکارڈ کیا گیا۔
38	بقیہ نمبر
حکومت نے عوام کو ریلیف فراہم کرنے کے لیے اقدامات کا اعلان کیا ہے۔ وزیراعظم نے اجلاس کی صدارت کی اور متعلقہ اداروں کو ہدایت جاری کی کہ عوامی مسائل کے حل کے لیے فوری اقدامات کیے جائیں۔ پیٹرولیم مصنوعات کی قیمتوں میں کمی کا اعلان کیا گیا جبکہ مہنگائی پر قابو پانے کے لیے نئی پالیسی تیار کی جا رہی ہے۔ اسٹاک مارکیٹ میں کاروبار کا ملا جلا رجحان رہا اور انڈیکس میں اضافہ دیکھا گیا۔ سونے کی قیمت میں بھی اضافہ ریکارڈ کیا گیا۔ حکومت نے عوام کو ریلیف فراہم کرنے کے لیے اقدامات کا اعلان کیا ہے۔ وزیراعظم نے اجلاس کی صدارت کی اور متعلقہ اداروں کو ہدایت جاری کی کہ عوامی مسائل کے حل کے لیے فوری اقدامات کیے جائیں۔ پیٹرولیم مصنوعات کی قیمتوں میں کمی کا اعلان کیا گیا جبکہ مہنگائی پر قابو پانے کے لیے نئی پالیسی تیار کی جا رہی ہے۔ اسٹاک مارکیٹ میں کاروبار کا ملا جلا رجحان رہا اور انڈیکس میں اضافہ دیکھا گیا۔ سونے کی قیمت میں بھی اضافہ ریکارڈ کیا گیا۔
39	بقیہ نمبر
حکومت نے عوام کو ریلیف فراہم کرنے کے لیے اقدامات کا اعلان کیا ہے۔ وزیراعظم نے اجلاس کی صدارت کی اور متعلقہ اداروں کو ہدایت جاری کی کہ عوامی مسائل کے حل کے لیے فوری اقدامات کیے جائیں۔ پیٹرولیم مصنوعات کی قیمتوں میں کمی کا اعلان کیا گیا جبکہ مہنگائی پر قابو پانے کے لیے نئی پالیسی تیار کی جا رہی ہے۔ اسٹاک مارکیٹ میں کاروبار کا ملا جلا رجحان رہا اور انڈیکس میں اضافہ دیکھا گیا۔ سونے کی قیمت میں بھی اضافہ ریکارڈ کیا گیا۔ حکومت نے عوام کو ریلیف فراہم کرنے کے لیے اقدامات کا اعلان کیا ہے۔ وزیراعظم نے اجلاس کی صدارت کی اور متعلقہ اداروں کو ہدایت جاری کی کہ عوامی مسائل کے حل کے لیے فوری اقدامات کیے جائیں۔ پیٹرولیم مصنوعات کی قیمتوں میں کمی کا اعلان کیا گیا جبکہ مہنگائی پر قابو پانے کے لیے نئی پالیسی تیار کی جا رہی ہے۔ اسٹاک مارکیٹ میں کاروبار کا ملا جلا رجحان رہا اور انڈیکس میں اضافہ دیکھا گیا۔ سونے کی قیمت میں بھی اضافہ ریکارڈ کیا گیا۔
40	بقیہ نمبر
حکومت نے عوام کو ریلیف فراہم کرنے کے لیے اقدامات کا اعلان کیا ہے۔ وزیراعظم نے اجلاس کی صدارت کی اور متعلقہ اداروں کو ہدایت جاری کی کہ عوامی مسائل کے حل کے لیے فوری اقدامات کیے جائیں۔ پیٹرولیم مصنوعات کی قیمتوں میں کمی کا اعلان کیا گیا جبکہ مہنگائی پر قابو پانے کے لیے نئی پالیسی تیار کی جا رہی ہے۔ اسٹاک مارکیٹ میں کاروبار کا ملا جلا رجحان رہا اور انڈیکس میں اضافہ دیکھا گیا۔ سونے کی قیمت میں بھی اضافہ ریکارڈ کیا گیا۔ حکومت نے عوام کو ریلیف فراہم کرنے کے لیے اقدامات کا اعلان کیا ہے۔ وزیراعظم نے اجلاس کی صدارت کی اور متعلقہ اداروں کو ہدایت جاری کی کہ عوامی مسائل کے حل کے لیے فوری اقدامات کیے جائیں۔ پیٹرولیم مصنوعات کی قیمتوں میں کمی کا اعلان کیا گیا جبکہ مہنگائی پر قابو پانے کے لیے نئی پالیسی تیار کی جا رہی ہے۔ اسٹاک مارکیٹ میں کاروبار کا ملا جلا رجحان رہا اور انڈیکس میں اضافہ دیکھا گیا۔ سونے کی قیمت میں بھی اضافہ ریکارڈ کیا گیا۔
41	بقیہ نمبر
حکومت نے عوام کو ریلیف فراہم کرنے کے لیے اقدامات کا اعلان کیا ہے۔ وزیراعظم نے اجلاس کی صدارت کی اور متعلقہ اداروں کو ہدایت جاری کی کہ عوامی مسائل کے حل کے لیے فوری اقدامات کیے جائیں۔ پیٹرولیم مصنوعات کی قیمتوں میں کمی کا اعلان کیا گیا جبکہ مہنگائی پر قابو پانے کے لیے نئی پالیسی تیار کی جا رہی ہے۔ اسٹاک مارکیٹ میں کاروبار کا ملا جلا رجحان رہا اور انڈیکس میں اضافہ دیکھا گیا۔ سونے کی قیمت میں بھی اضافہ ریکارڈ کیا گیا۔ حکومت نے عوام کو ریلیف فراہم کرنے کے لیے اقدامات کا اعلان کیا ہے۔ وزیراعظم نے اجلاس کی صدارت کی اور متعلقہ اداروں کو ہدایت جاری کی کہ عوامی مسائل کے حل کے لیے فوری اقدامات کیے جائیں۔ پیٹرولیم مصنوعات کی قیمتوں میں کمی کا اعلان کیا گیا جبکہ مہنگائی پر قابو پانے کے لیے نئی پالیسی تیار کی جا رہی ہے۔ اسٹاک مارکیٹ میں کاروبار کا ملا جلا رجحان رہا اور انڈیکس میں اضافہ دیکھا گیا۔ سونے کی قیمت میں بھی اضافہ ریکارڈ کیا گیا۔
42	بقیہ نمبر
حکومت نے عوام کو ریلیف فراہم کرنے کے لیے اقدامات کا اعلان کیا ہے۔ وزیراعظم نے اجلاس کی صدارت کی اور متعلقہ اداروں کو ہدایت جاری کی کہ عوامی مسائل کے حل کے لیے فوری اقدامات کیے جائیں۔ پیٹرولیم مصنوعات کی قیمتوں میں کمی کا اعلان کیا گیا جبکہ مہنگائی پر قابو پانے کے لیے نئی پالیسی تیار کی جا رہی ہے۔ اسٹاک مارکیٹ میں کاروبار کا ملا جلا رجحان رہا اور انڈیکس میں اضافہ دیکھا گیا۔ سونے کی قیمت میں بھی اضافہ ریکارڈ کیا گیا۔ حکومت نے عوام کو ریلیف فراہم کرنے کے لیے اقدامات کا اعلان کیا ہے۔ وزیراعظم نے اجلاس کی صدارت کی اور متعلقہ اداروں کو ہدایت جاری کی کہ عوامی مسائل کے حل کے لیے فوری اقدامات کیے جائیں۔ پیٹرولیم مصنوعات کی قیمتوں میں کمی کا اعلان کیا گیا جبکہ مہنگائی پر قابو پانے کے لیے نئی پالیسی تیار کی جا رہی ہے۔ اسٹاک مارکیٹ میں کاروبار کا ملا جلا رجحان رہا اور انڈیکس میں اضافہ دیکھا گیا۔ سونے کی قیمت میں بھی اضافہ ریکارڈ کیا گیا۔ حکومت نے عوام کو ریلیف فراہم کرنے کے لیے اقدامات کا اعلان کیا ہے۔ وزیراعظم نے اجلاس کی صدارت کی اور متعلقہ اداروں کو ہدایت جاری کی کہ عوامی مسائل کے حل کے لیے فوری اقدامات کیے جائیں۔ پیٹرولیم مصنوعات کی قیمتوں میں کمی کا اعلان کیا گیا جبکہ مہنگائی پر قابو پانے کے لیے نئی پالیسی تیار کی جا رہی ہے۔ اسٹاک مارکیٹ میں کاروبار کا ملا جلا رجحان رہا اور انڈیکس میں اضافہ دیکھا گیا۔ سونے کی قیمت میں بھی اضافہ ریکارڈ کیا گیا۔
43	بقیہ نمبر
حکومت نے عوام کو ریلیف فراہم کرنے کے لیے اقدامات کا اعلان کیا ہے۔ وزیراعظم نے اجلاس کی صدارت کی اور متعلقہ اداروں کو ہدایت جاری کی کہ عوامی مسائل کے حل کے لیے فوری اقدامات کیے جائیں۔ پیٹرولیم مصنوعات کی قیمتوں میں کمی کا اعلان کیا گیا جبکہ مہنگائی پر قابو پانے کے لیے نئی پالیسی تیار کی جا رہی ہے۔ اسٹاک مارکیٹ میں کاروبار کا ملا جلا رجحان رہا اور انڈیکس میں اضافہ دیکھا گیا۔ سونے کی قیمت میں بھی اضافہ ریکارڈ کیا گیا۔ حکومت نے عوام کو ریلیف فراہم کرنے کے لیے اقدامات کا اعلان کیا ہے۔ وزیراعظم نے اجلاس کی صدارت کی اور متعلقہ اداروں کو ہدایت جاری کی کہ عوامی مسائل کے حل کے لیے فوری اقدامات کیے جائیں۔ پیٹرولیم مصنوعات کی قیمتوں میں کمی کا اعلان کیا گیا جبکہ مہنگائی پر قابو پانے کے لیے نئی پالیسی تیار کی جا رہی ہے۔ اسٹاک مارکیٹ میں کاروبار کا ملا جلا رجحان رہا اور انڈیکس میں اضافہ دیکھا گیا۔ سونے کی قیمت میں بھی اضافہ ریکارڈ کیا گیا۔ حکومت نے عوام کو ریلیف فراہم کرنے کے لیے اقدامات کا اعلان کیا ہے۔ وزیراعظم نے اجلاس کی صدارت کی اور متعلقہ اداروں کو ہدایت جاری کی کہ عوامی مسائل کے حل کے لیے فوری اقدامات کیے جائیں۔ پیٹرولیم مصنوعات کی قیمتوں میں کمی کا اعلان کیا گیا جبکہ مہنگائی پر قابو پانے کے لیے نئی پالیسی تیار کی جا رہی ہے۔ اسٹاک مارکیٹ میں کاروبار کا ملا جلا رجحان رہا اور انڈیکس میں اضافہ دیکھا گیا۔ سونے کی قیمت میں بھی اضافہ ریکارڈ کیا گیا۔
44	بقیہ نمبر
حکومت نے عوام کو ریلیف فراہم کرنے کے لیے اقدامات کا اعلان کیا ہے۔ وزیراعظم نے اجلاس کی صدارت کی اور متعلقہ اداروں کو ہدایت جاری کی کہ عوامی مسائل کے حل کے لیے فوری اقدامات کیے جائیں۔ پیٹرولیم مصنوعات کی قیمتوں میں کمی کا اعلان کیا گیا جبکہ مہنگائی پر قابو پانے کے لیے نئی پالیسی تیار کی جا رہی ہے۔ اسٹاک مارکیٹ میں کاروبار کا ملا جلا رجحان رہا اور انڈیکس میں اضافہ دیکھا گیا۔ سونے کی قیمت میں بھی اضافہ ریکارڈ کیا گیا۔ حکومت نے عوام کو ریلیف فراہم کرنے کے لیے اقدامات کا اعلان کیا ہے۔ وزیراعظم نے اجلاس کی صدارت کی اور متعلقہ اداروں کو ہدایت جاری کی کہ عوامی مسائل کے حل کے لیے فوری اقدامات کیے جائیں۔ پیٹرولیم مصنوعات کی قیمتوں میں کمی کا اعلان کیا گیا جبکہ مہنگائی پر قابو پانے کے لیے نئی پالیسی تیار کی جا رہی ہے۔ اسٹاک مارکیٹ میں کاروبار کا ملا جلا رجحان رہا اور انڈیکس میں اضافہ دیکھا گیا۔ سونے کی قیمت میں بھی اضافہ ریکارڈ کیا گیا۔ حکومت نے عوام کو ریلیف فراہم کرنے کے لیے اقدامات کا اعلان کیا ہے۔ وزیراعظم نے اجلاس کی صدارت کی اور متعلقہ اداروں کو ہدایت جاری کی کہ عوامی مسائل کے حل کے لیے فوری اقدامات کیے جائیں۔ پیٹرولیم مصنوعات کی قیمتوں میں کمی کا اعلان کیا گیا جبکہ مہنگائی پر قابو پانے کے لیے نئی پالیسی تیار کی جا رہی ہے۔ اسٹاک مارکیٹ میں کاروبار کا ملا جلا رجحان رہا اور انڈیکس میں اضافہ دیکھا گیا۔ سونے کی قیمت میں بھی اضافہ ریکارڈ کیا گیا۔
45	بقیہ نمبر
حکومت نے عوام کو ریلیف فراہم کرنے کے لیے اقدامات کا اعلان کیا ہے۔ وزیراعظم نے اجلاس کی صدارت کی اور متعلقہ اداروں کو ہدایت جاری کی کہ عوامی مسائل کے حل کے لیے فوری اقدامات کیے جائیں۔ پیٹرولیم مصنوعات کی قیمتوں میں کمی کا اعلان کیا گیا جبکہ مہنگائی پر قابو پانے کے لیے نئی پالیسی تیار کی جا رہی ہے۔ اسٹاک مارکیٹ میں کاروبار کا ملا جلا رجحان رہا اور انڈیکس میں اضافہ دیکھا گیا۔ سونے کی قیمت میں بھی اضافہ ریکارڈ کیا گیا۔ حکومت نے عوام کو ریلیف فراہم کرنے کے لیے اقدامات کا اعلان کیا ہے۔ وزیراعظم نے اجلاس کی صدارت کی اور متعلقہ اداروں کو ہدایت جاری کی کہ عوامی مسائل کے حل کے لیے فوری اقدامات کیے جائیں۔ پیٹرولیم مصنوعات کی قیمتوں میں کمی کا اعلان کیا گیا جبکہ مہنگائی پر قابو پانے کے لیے نئی پالیسی تیار کی جا رہی ہے۔ اسٹاک مارکیٹ میں کاروبار کا ملا جلا رجحان رہا اور انڈیکس میں اضافہ دیکھا گیا۔ سونے کی قیمت میں بھی اضافہ ریکارڈ کیا گیا۔ حکومت نے عوام کو ریلیف فراہم کرنے کے لیے اقدامات کا اعلان کیا ہے۔ وزیراعظم نے اجلاس کی صدارت کی اور متعلقہ اداروں کو ہدایت جاری کی کہ عوامی مسائل کے حل کے لیے فوری اقدامات کیے جائیں۔ پیٹرولیم مصنوعات کی قیمتوں میں کمی کا اعلان کیا گیا جبکہ مہنگائی پر قابو پانے کے لیے نئی پالیسی تیار کی جا رہی ہے۔ اسٹاک مارکیٹ میں کاروبار کا ملا جلا رجحان رہا اور انڈیکس میں اضافہ دیکھا گیا۔ سونے کی قیمت میں بھی اضافہ ریکارڈ کیا گیا۔
46	بقیہ نمبر
حکومت نے عوام کو ریلیف فراہم کرنے کے لیے اقدامات کا اعلان کیا ہے۔ وزیراعظم نے اجلاس کی صدارت کی اور متعلقہ اداروں کو ہدایت جاری کی کہ عوامی مسائل کے حل کے لیے فوری اقدامات کیے جائیں۔ پیٹرولیم مصنوعات کی قیمتوں میں کمی کا اعلان کیا گیا جبکہ مہنگائی پر قابو پانے کے لیے نئی پالیسی تیار کی جا رہی ہے۔ اسٹاک مارکیٹ میں کاروبار کا ملا جلا رجحان رہا اور انڈیکس میں اضافہ دیکھا گیا۔ سونے کی قیمت میں بھی اضافہ ریکارڈ کیا گیا۔ حکومت نے عوام کو ریلیف فراہم کرنے کے لیے اقدامات کا اعلان کیا ہے۔ وزیراعظم نے اجلاس کی صدارت کی اور متعلقہ اداروں کو ہدایت جاری کی کہ عوامی مسائل کے حل کے لیے فوری اقدامات کیے جائیں۔ پیٹرولیم مصنوعات کی قیمتوں میں کمی کا اعلان کیا گیا جبکہ مہنگائی پر قابو پانے کے لیے نئی پالیسی تیار کی جا رہی ہے۔ اسٹاک مارکیٹ میں کاروبار کا ملا جلا رجحان رہا اور انڈیکس میں اضافہ دیکھا گیا۔ سونے کی قیمت میں بھی اضافہ ریکارڈ کیا گیا۔ حکومت نے عوام کو ریلیف فراہم کرنے کے لیے اقدامات کا اعلان کیا ہے۔ وزیراعظم نے اجلاس کی صدارت کی اور متعلقہ اداروں کو ہدایت جاری کی کہ عوامی مسائل کے حل کے لیے فوری اقدامات کیے جائیں۔ پیٹرولیم مصنوعات کی قیمتوں میں کمی کا اعلان کیا گیا جبکہ مہنگائی پر قابو پانے کے لیے نئی پالیسی تیار کی جا رہی ہے۔ اسٹاک مارکیٹ میں کاروبار کا ملا جلا رجحان رہا اور انڈیکس میں اضافہ دیکھا گیا۔ سونے کی قیمت میں بھی اضافہ ریکارڈ کیا گیا۔
